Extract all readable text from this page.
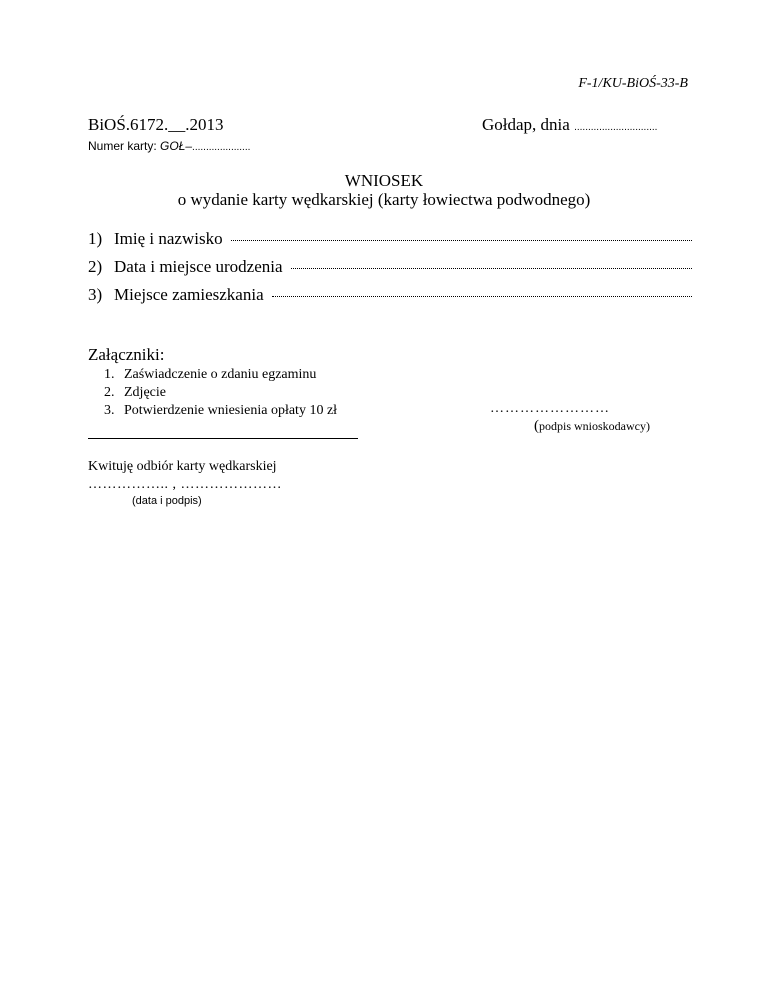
F-1/KU-BiOŚ-33-B
BiOŚ.6172.__.2013	Gołdap, dnia ..............................
Numer karty: GOŁ–.....................
WNIOSEK
o wydanie karty wędkarskiej (karty łowiectwa podwodnego)
1) Imię i nazwisko
2) Data i miejsce urodzenia
3) Miejsce zamieszkania
Załączniki:
1. Zaświadczenie o zdaniu egzaminu
2. Zdjęcie
3. Potwierdzenie wniesienia opłaty 10 zł	……………………
(podpis wnioskodawcy)
Kwituję odbiór karty wędkarskiej
…………….. , …………………
(data i podpis)
